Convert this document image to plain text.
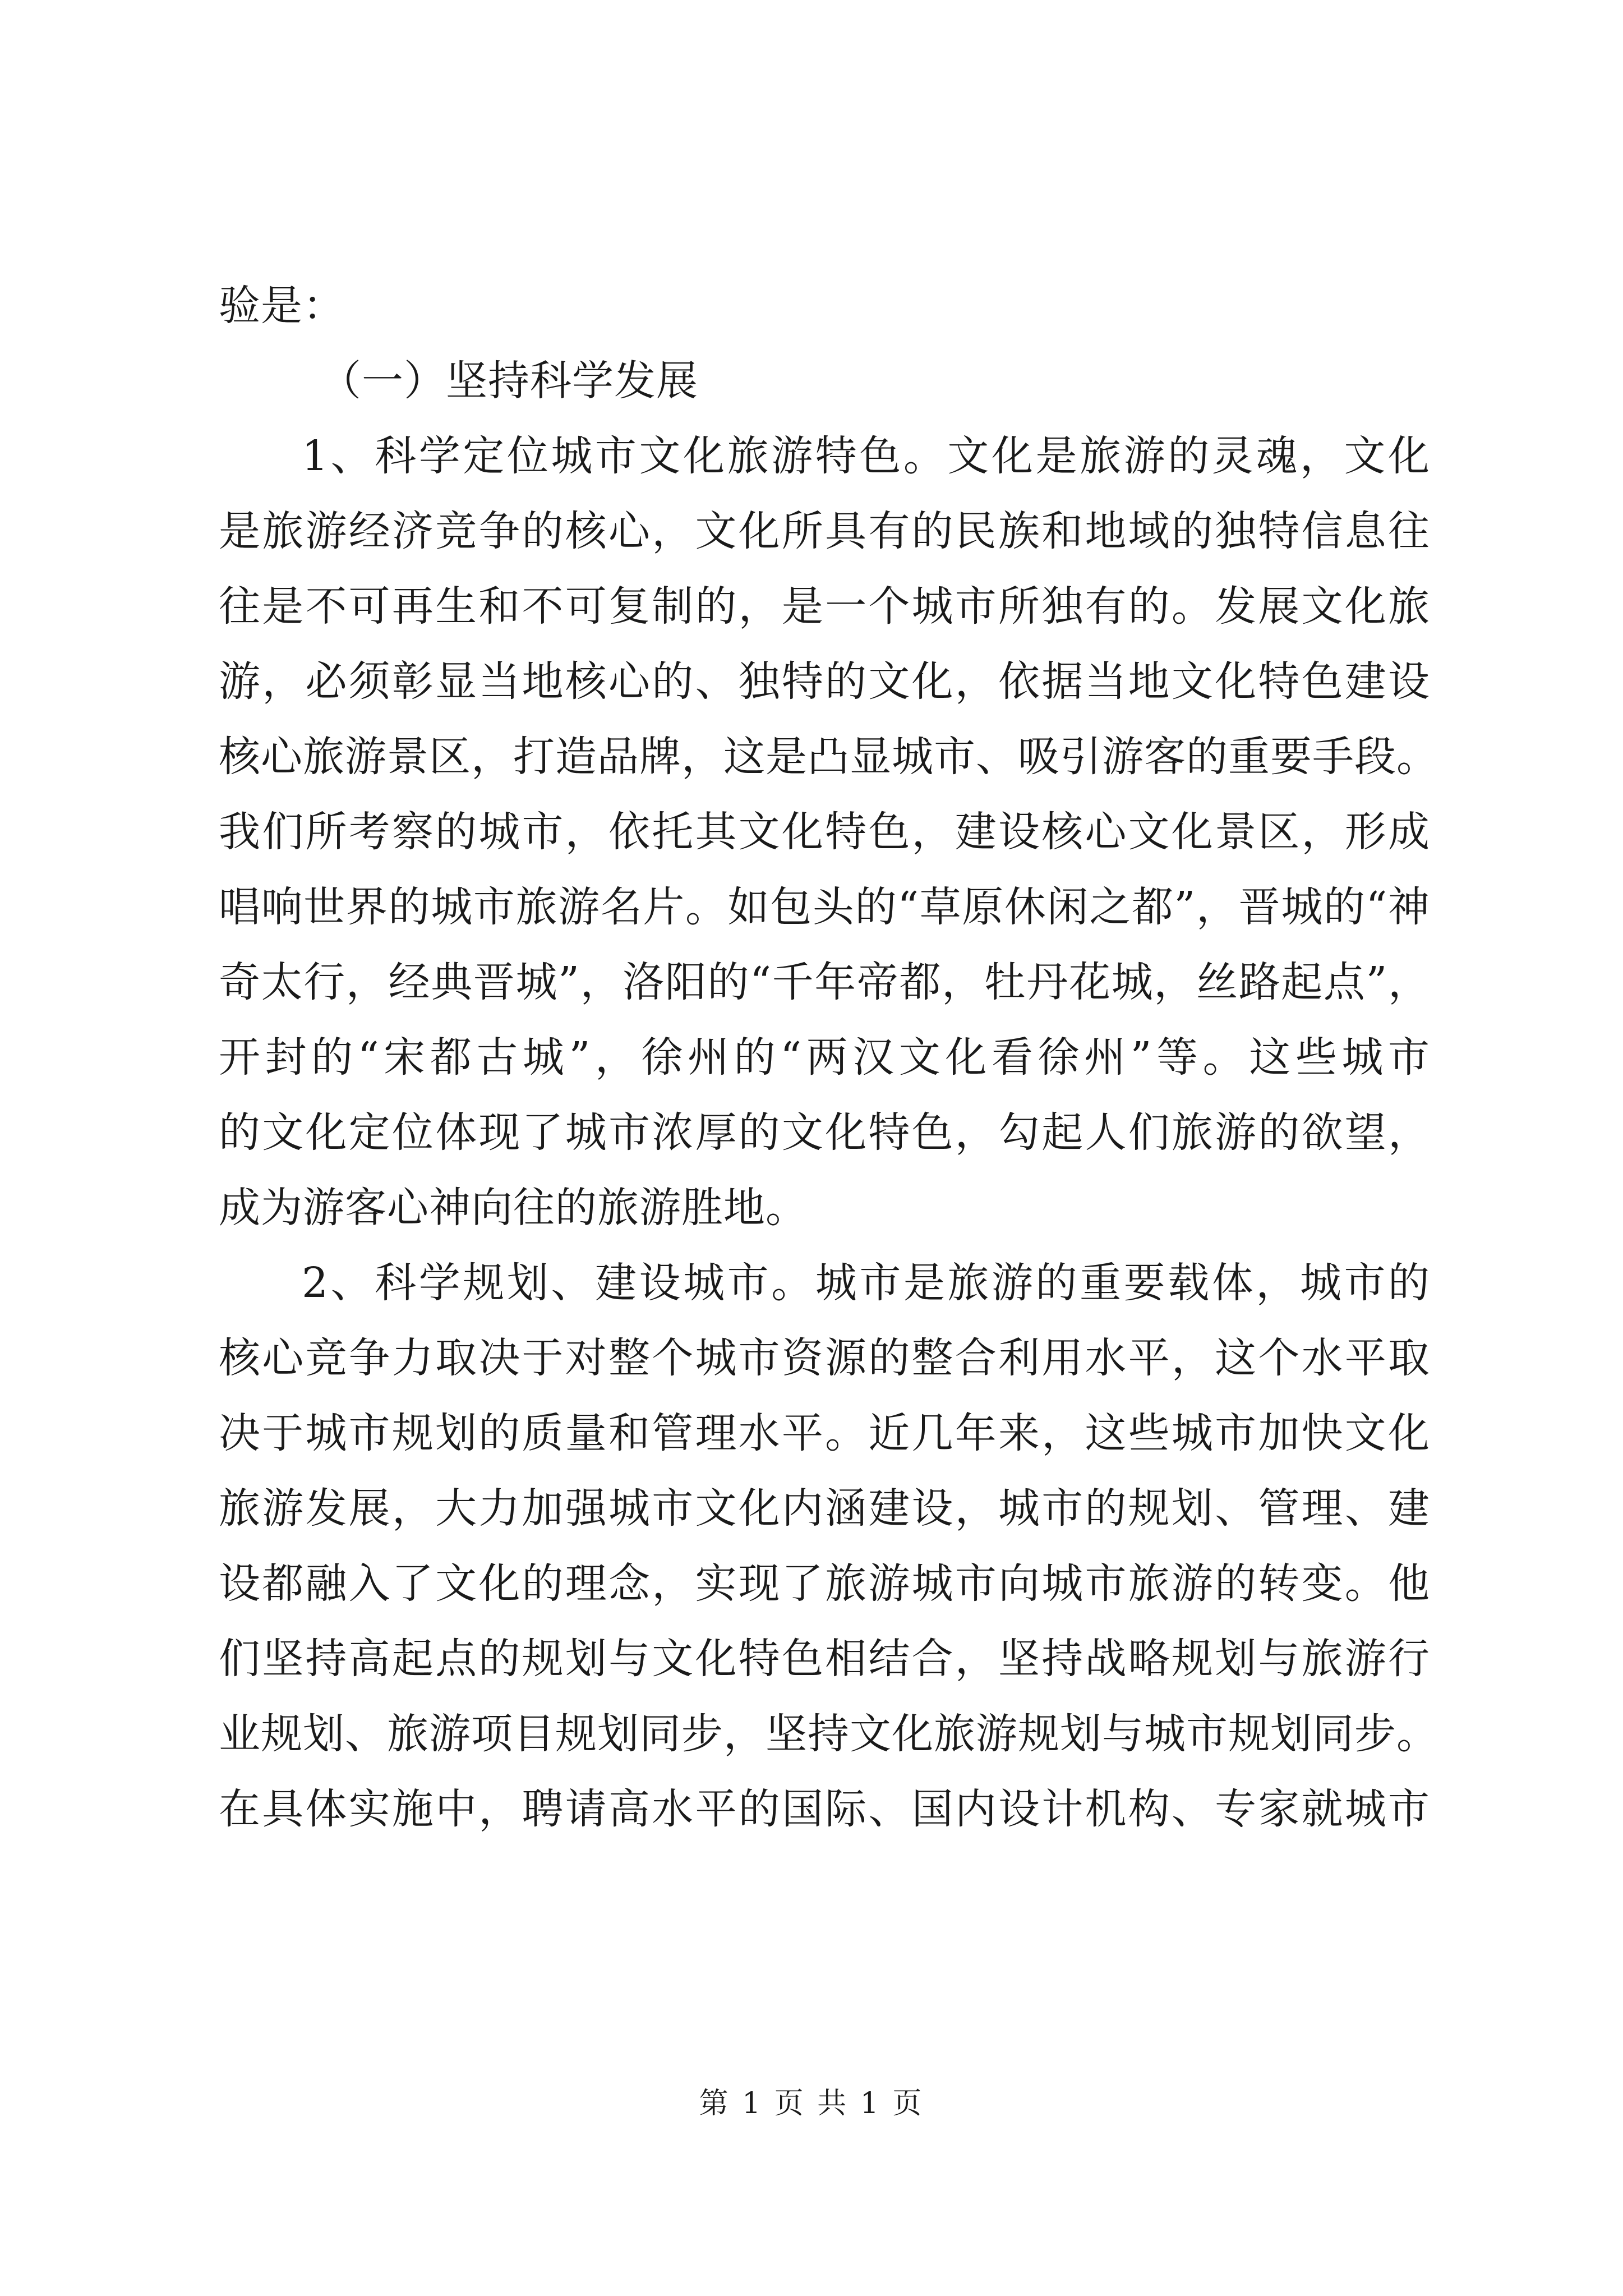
验是：
（一）坚持科学发展
1、科学定位城市文化旅游特色。文化是旅游的灵魂，文化
是旅游经济竞争的核心，文化所具有的民族和地域的独特信息往
往是不可再生和不可复制的，是一个城市所独有的。发展文化旅
游，必须彰显当地核心的、独特的文化，依据当地文化特色建设
核心旅游景区，打造品牌，这是凸显城市、吸引游客的重要手段。
我们所考察的城市，依托其文化特色，建设核心文化景区，形成
唱响世界的城市旅游名片。如包头的“草原休闲之都”，晋城的“神
奇太行，经典晋城”，洛阳的“千年帝都，牡丹花城，丝路起点”，
开封的“宋都古城”，徐州的“两汉文化看徐州”等。这些城市
的文化定位体现了城市浓厚的文化特色，勾起人们旅游的欲望，
成为游客心神向往的旅游胜地。
2、科学规划、建设城市。城市是旅游的重要载体，城市的
核心竞争力取决于对整个城市资源的整合利用水平，这个水平取
决于城市规划的质量和管理水平。近几年来，这些城市加快文化
旅游发展，大力加强城市文化内涵建设，城市的规划、管理、建
设都融入了文化的理念，实现了旅游城市向城市旅游的转变。他
们坚持高起点的规划与文化特色相结合，坚持战略规划与旅游行
业规划、旅游项目规划同步，坚持文化旅游规划与城市规划同步。
在具体实施中，聘请高水平的国际、国内设计机构、专家就城市
第 1 页 共 1 页
